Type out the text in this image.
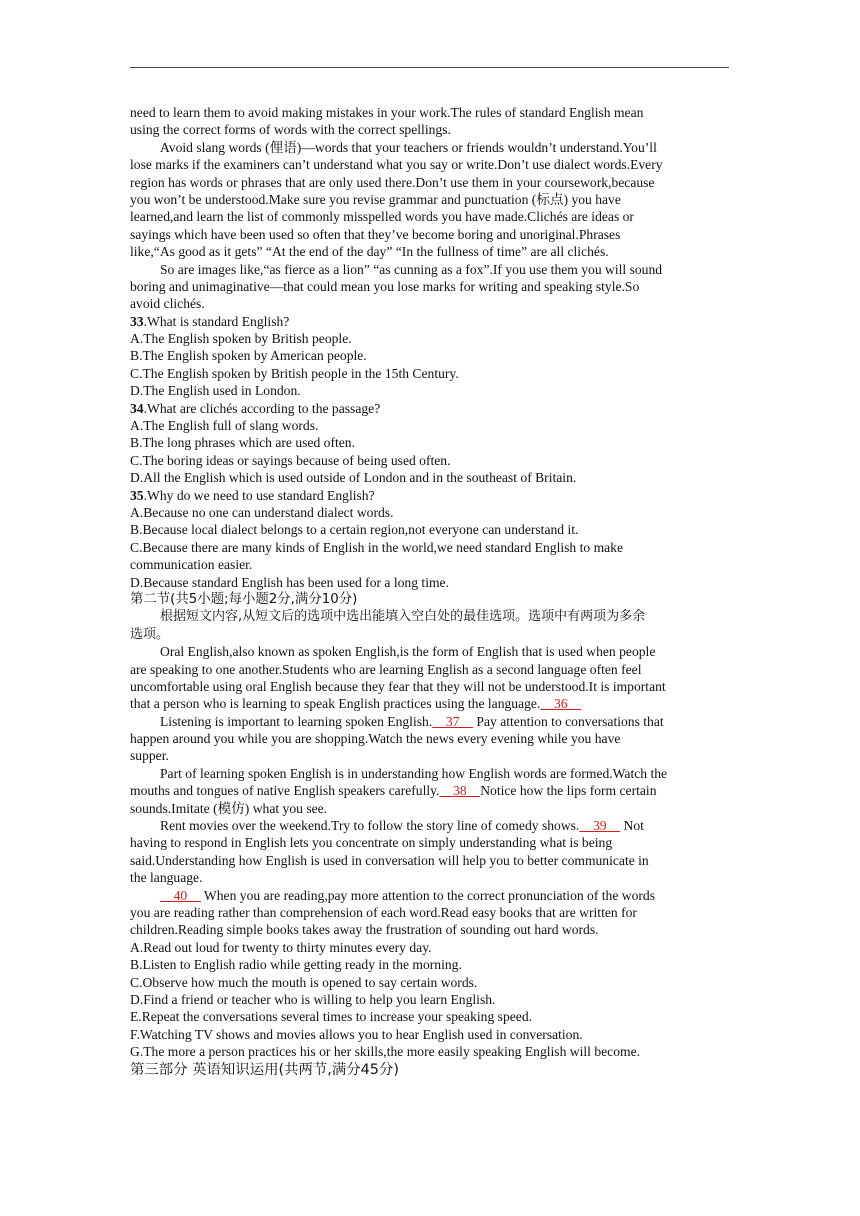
need to learn them to avoid making mistakes in your work.The rules of standard English mean
using the correct forms of words with the correct spellings.
Avoid slang words (俚语)—words that your teachers or friends wouldn’t understand.You’ll
lose marks if the examiners can’t understand what you say or write.Don’t use dialect words.Every
region has words or phrases that are only used there.Don’t use them in your coursework,because
you won’t be understood.Make sure you revise grammar and punctuation (标点) you have
learned,and learn the list of commonly misspelled words you have made.Clichés are ideas or
sayings which have been used so often that they’ve become boring and unoriginal.Phrases
like,“As good as it gets” “At the end of the day” “In the fullness of time” are all clichés.
So are images like,“as fierce as a lion” “as cunning as a fox”.If you use them you will sound
boring and unimaginative—that could mean you lose marks for writing and speaking style.So
avoid clichés.
33.What is standard English?
A.The English spoken by British people.
B.The English spoken by American people.
C.The English spoken by British people in the 15th Century.
D.The English used in London.
34.What are clichés according to the passage?
A.The English full of slang words.
B.The long phrases which are used often.
C.The boring ideas or sayings because of being used often.
D.All the English which is used outside of London and in the southeast of Britain.
35.Why do we need to use standard English?
A.Because no one can understand dialect words.
B.Because local dialect belongs to a certain region,not everyone can understand it.
C.Because there are many kinds of English in the world,we need standard English to make
communication easier.
D.Because standard English has been used for a long time.
第二节(共5小题;每小题2分,满分10分)
根据短文内容,从短文后的选项中选出能填入空白处的最佳选项。选项中有两项为多余
选项。
Oral English,also known as spoken English,is the form of English that is used when people
are speaking to one another.Students who are learning English as a second language often feel
uncomfortable using oral English because they fear that they will not be understood.It is important
that a person who is learning to speak English practices using the language.    36
Listening is important to learning spoken English.    37     Pay attention to conversations that
happen around you while you are shopping.Watch the news every evening while you have
supper.
Part of learning spoken English is in understanding how English words are formed.Watch the
mouths and tongues of native English speakers carefully.    38    Notice how the lips form certain
sounds.Imitate (模仿) what you see.
Rent movies over the weekend.Try to follow the story line of comedy shows.    39     Not
having to respond in English lets you concentrate on simply understanding what is being
said.Understanding how English is used in conversation will help you to better communicate in
the language.
40     When you are reading,pay more attention to the correct pronunciation of the words
you are reading rather than comprehension of each word.Read easy books that are written for
children.Reading simple books takes away the frustration of sounding out hard words.
A.Read out loud for twenty to thirty minutes every day.
B.Listen to English radio while getting ready in the morning.
C.Observe how much the mouth is opened to say certain words.
D.Find a friend or teacher who is willing to help you learn English.
E.Repeat the conversations several times to increase your speaking speed.
F.Watching TV shows and movies allows you to hear English used in conversation.
G.The more a person practices his or her skills,the more easily speaking English will become.
第三部分 英语知识运用(共两节,满分45分)
